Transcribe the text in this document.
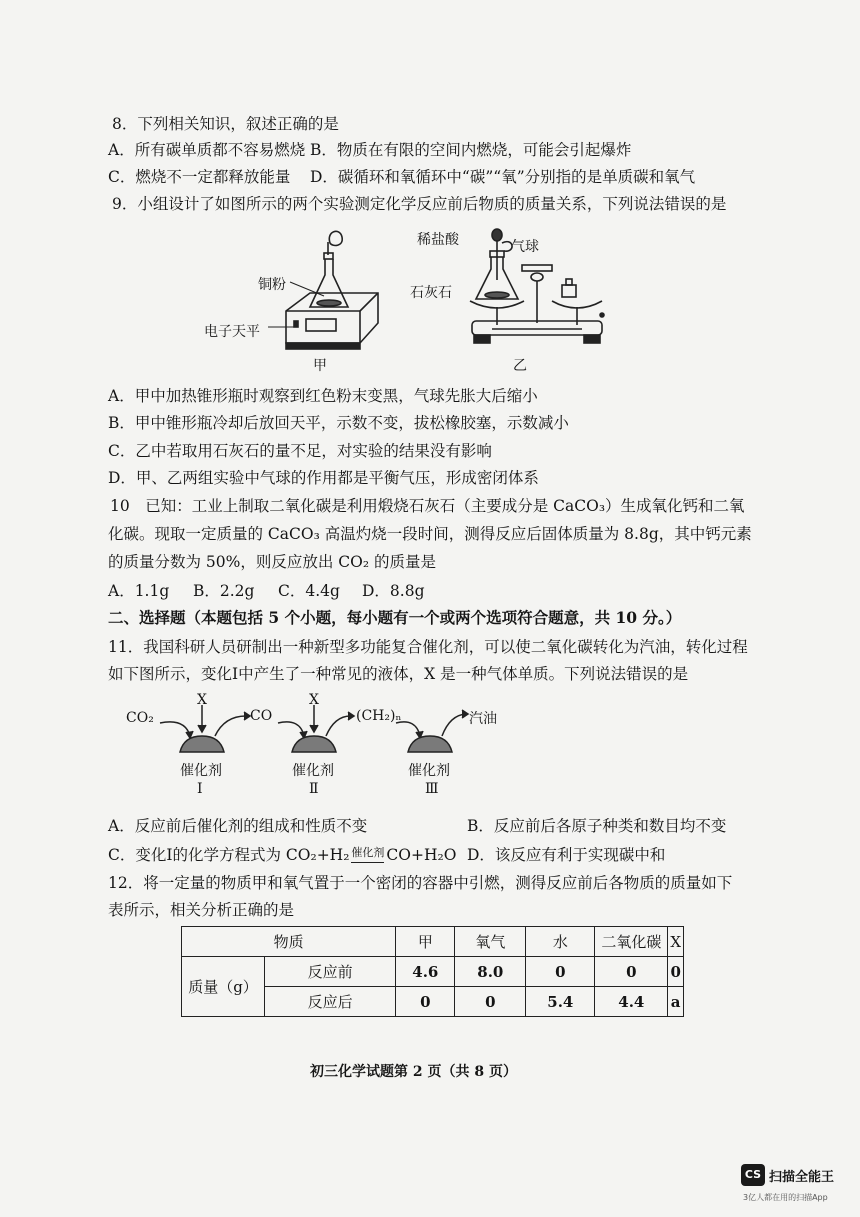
8．下列相关知识，叙述正确的是
A．所有碳单质都不容易燃烧 B．物质在有限的空间内燃烧，可能会引起爆炸
C．燃烧不一定都释放能量 D．碳循环和氧循环中“碳”“氧”分别指的是单质碳和氧气
9．小组设计了如图所示的两个实验测定化学反应前后物质的质量关系，下列说法错误的是
铜粉
电子天平
甲
稀盐酸	气球
石灰石
乙
A．甲中加热锥形瓶时观察到红色粉末变黑，气球先胀大后缩小
B．甲中锥形瓶冷却后放回天平，示数不变，拔松橡胶塞，示数减小
C．乙中若取用石灰石的量不足，对实验的结果没有影响
D．甲、乙两组实验中气球的作用都是平衡气压，形成密闭体系
10　已知：工业上制取二氧化碳是利用煅烧石灰石（主要成分是 CaCO₃）生成氧化钙和二氧
化碳。现取一定质量的 CaCO₃ 高温灼烧一段时间，测得反应后固体质量为 8.8g，其中钙元素
的质量分数为 50%，则反应放出 CO₂ 的质量是
A．1.1g B．2.2g C．4.4g D．8.8g
二、选择题（本题包括 5 个小题，每小题有一个或两个选项符合题意，共 10 分。）
11．我国科研人员研制出一种新型多功能复合催化剂，可以使二氧化碳转化为汽油，转化过程
如下图所示，变化Ⅰ中产生了一种常见的液体，X 是一种气体单质。下列说法错误的是
CO₂
X
CO
X
(CH₂)ₙ	汽油
催化剂	催化剂	催化剂
Ⅰ	Ⅱ	Ⅲ
A．反应前后催化剂的组成和性质不变	B．反应前后各原子种类和数目均不变
C．变化Ⅰ的化学方程式为 CO₂+H₂ $^{催化剂}$ CO+H₂O D．该反应有利于实现碳中和
12．将一定量的物质甲和氧气置于一个密闭的容器中引燃，测得反应前后各物质的质量如下
表所示，相关分析正确的是
物质		甲	氧气	水	二氧化碳	X
质量（g）	反应前	4.6	8.0	0	0	0
	反应后	0	0	5.4	4.4	a
初三化学试题第 2 页（共 8 页）
CS 扫描全能王
3亿人都在用的扫描App
